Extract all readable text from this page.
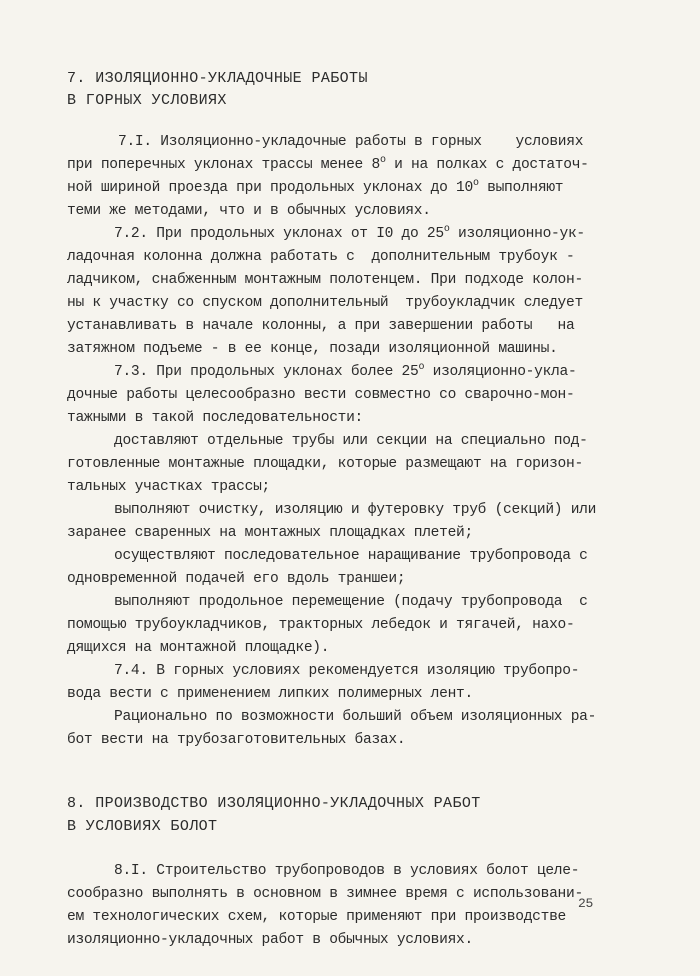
7. ИЗОЛЯЦИОННО-УКЛАДОЧНЫЕ РАБОТЫ
В ГОРНЫХ УСЛОВИЯХ
7.I. Изоляционно-укладочные работы в горных    условиях
при поперечных уклонах трассы менее $8^о$ и на полках с достаточ-
ной шириной проезда при продольных уклонах до $10^о$ выполняют
теми же методами, что и в обычных условиях.
7.2. При продольных уклонах от I0 до $25^о$ изоляционно-ук-
ладочная колонна должна работать с  дополнительным трубоук -
ладчиком, снабженным монтажным полотенцем. При подходе колон-
ны к участку со спуском дополнительный  трубоукладчик следует
устанавливать в начале колонны, а при завершении работы   на
затяжном подъеме - в ее конце, позади изоляционной машины.
7.3. При продольных уклонах более $25^о$ изоляционно-укла-
дочные работы целесообразно вести совместно со сварочно-мон-
тажными в такой последовательности:
доставляют отдельные трубы или секции на специально под-
готовленные монтажные площадки, которые размещают на горизон-
тальных участках трассы;
выполняют очистку, изоляцию и футеровку труб (секций) или
заранее сваренных на монтажных площадках плетей;
осуществляют последовательное наращивание трубопровода с
одновременной подачей его вдоль траншеи;
выполняют продольное перемещение (подачу трубопровода  с
помощью трубоукладчиков, тракторных лебедок и тягачей, нахо-
дящихся на монтажной площадке).
7.4. В горных условиях рекомендуется изоляцию трубопро-
вода вести с применением липких полимерных лент.
Рационально по возможности больший объем изоляционных ра-
бот вести на трубозаготовительных базах.
8. ПРОИЗВОДСТВО ИЗОЛЯЦИОННО-УКЛАДОЧНЫХ РАБОТ
В УСЛОВИЯХ БОЛОТ
8.I. Строительство трубопроводов в условиях болот целе-
сообразно выполнять в основном в зимнее время с использовани-
ем технологических схем, которые применяют при производстве
изоляционно-укладочных работ в обычных условиях.
25
